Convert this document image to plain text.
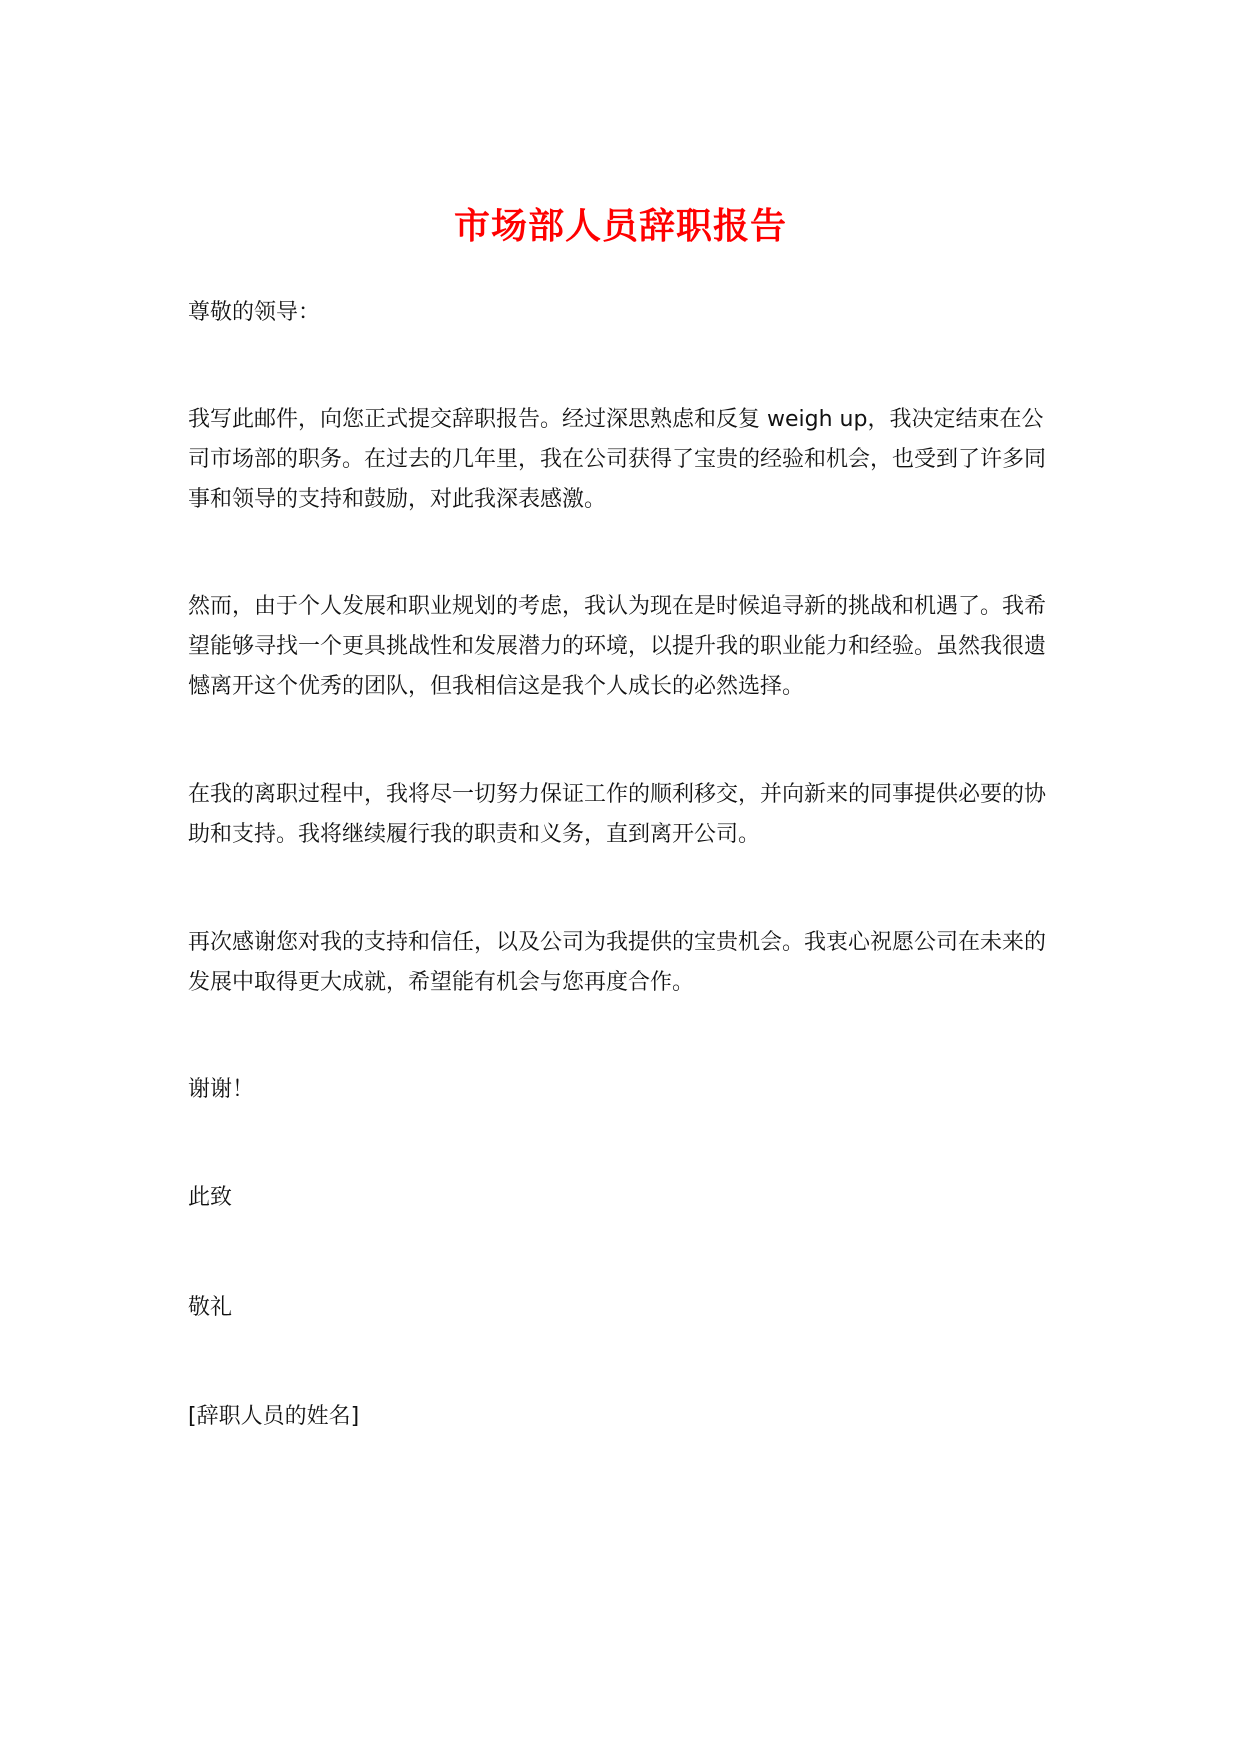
市场部人员辞职报告

尊敬的领导：

我写此邮件，向您正式提交辞职报告。经过深思熟虑和反复 weigh up，我决定结束在公司市场部的职务。在过去的几年里，我在公司获得了宝贵的经验和机会，也受到了许多同事和领导的支持和鼓励，对此我深表感激。

然而，由于个人发展和职业规划的考虑，我认为现在是时候追寻新的挑战和机遇了。我希望能够寻找一个更具挑战性和发展潜力的环境，以提升我的职业能力和经验。虽然我很遗憾离开这个优秀的团队，但我相信这是我个人成长的必然选择。

在我的离职过程中，我将尽一切努力保证工作的顺利移交，并向新来的同事提供必要的协助和支持。我将继续履行我的职责和义务，直到离开公司。

再次感谢您对我的支持和信任，以及公司为我提供的宝贵机会。我衷心祝愿公司在未来的发展中取得更大成就，希望能有机会与您再度合作。

谢谢！

此致

敬礼

[辞职人员的姓名]
